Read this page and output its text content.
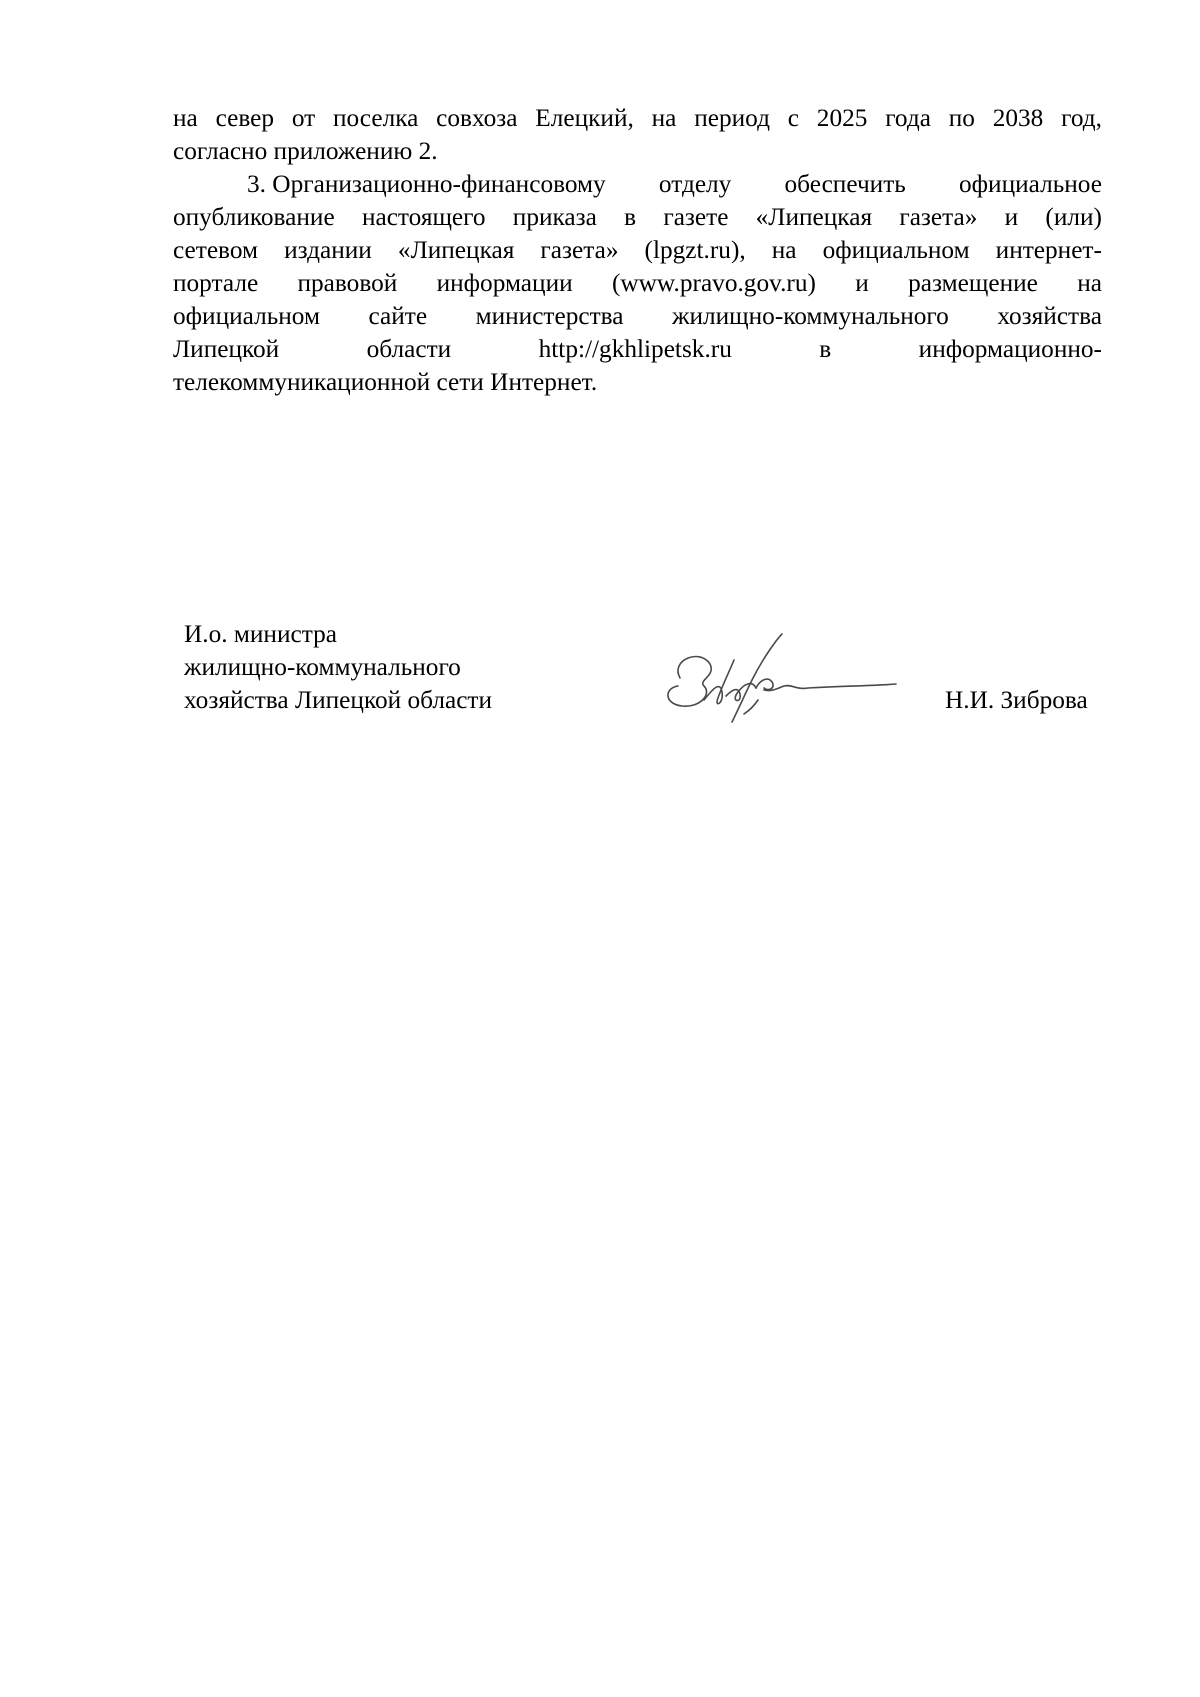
на север от поселка совхоза Елецкий, на период с 2025 года по 2038 год,
согласно приложению 2.
3. Организационно-финансовому отделу обеспечить официальное
опубликование настоящего приказа в газете «Липецкая газета» и (или)
сетевом издании «Липецкая газета» (lpgzt.ru), на официальном интернет-
портале правовой информации (www.pravo.gov.ru) и размещение на
официальном сайте министерства жилищно-коммунального хозяйства
Липецкой	области	http://gkhlipetsk.ru	в	информационно-
телекоммуникационной сети Интернет.
И.о. министра
жилищно-коммунального
хозяйства Липецкой области	Н.И. Зиброва
